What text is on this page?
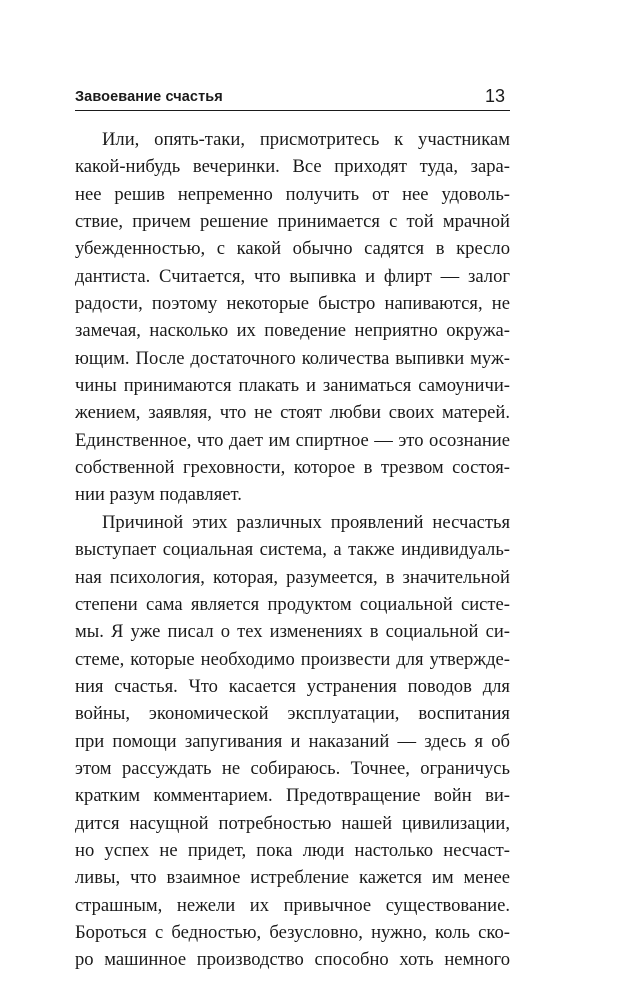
Завоевание счастья	13
Или, опять-таки, присмотритесь к участникам
какой-нибудь вечеринки. Все приходят туда, зара-
нее решив непременно получить от нее удоволь-
ствие, причем решение принимается с той мрачной
убежденностью, с какой обычно садятся в кресло
дантиста. Считается, что выпивка и флирт — залог
радости, поэтому некоторые быстро напиваются, не
замечая, насколько их поведение неприятно окружа-
ющим. После достаточного количества выпивки муж-
чины принимаются плакать и заниматься самоуничи-
жением, заявляя, что не стоят любви своих матерей.
Единственное, что дает им спиртное — это осознание
собственной греховности, которое в трезвом состоя-
нии разум подавляет.
Причиной этих различных проявлений несчастья
выступает социальная система, а также индивидуаль-
ная психология, которая, разумеется, в значительной
степени сама является продуктом социальной систе-
мы. Я уже писал о тех изменениях в социальной си-
стеме, которые необходимо произвести для утвержде-
ния счастья. Что касается устранения поводов для
войны, экономической эксплуатации, воспитания
при помощи запугивания и наказаний — здесь я об
этом рассуждать не собираюсь. Точнее, ограничусь
кратким комментарием. Предотвращение войн ви-
дится насущной потребностью нашей цивилизации,
но успех не придет, пока люди настолько несчаст-
ливы, что взаимное истребление кажется им менее
страшным, нежели их привычное существование.
Бороться с бедностью, безусловно, нужно, коль ско-
ро машинное производство способно хоть немного
